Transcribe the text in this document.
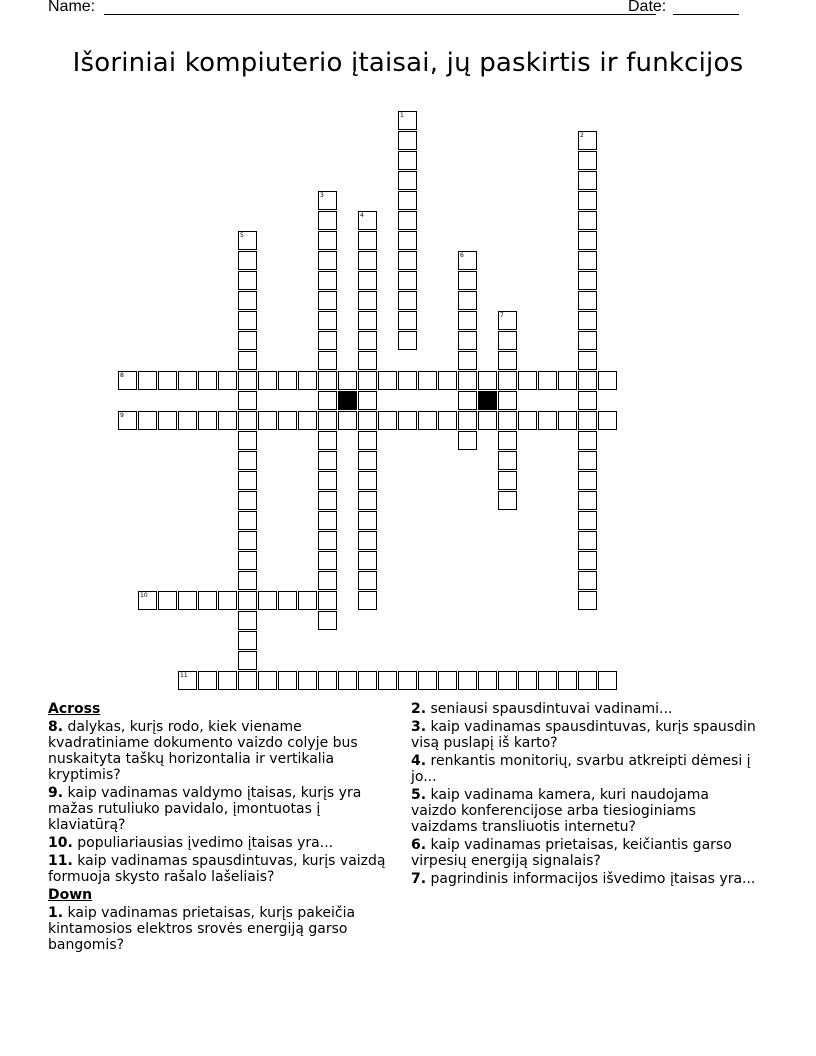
Name:	Date:
Išoriniai kompiuterio įtaisai, jų paskirtis ir funkcijos
1
2
3
4
5
6
7
8
9
10
11
Across
8. dalykas, kurįs rodo, kiek viename kvadratiniame dokumento vaizdo colyje bus nuskaityta taškų horizontalia ir vertikalia kryptimis?
9. kaip vadinamas valdymo įtaisas, kurįs yra mažas rutuliuko pavidalo, įmontuotas į klaviatūrą?
10. populiariausias įvedimo įtaisas yra...
11. kaip vadinamas spausdintuvas, kurįs vaizdą formuoja skysto rašalo lašeliais?
Down
1. kaip vadinamas prietaisas, kurįs pakeičia kintamosios elektros srovės energiją garso bangomis?
2. seniausi spausdintuvai vadinami...
3. kaip vadinamas spausdintuvas, kurįs spausdin visą puslapį iš karto?
4. renkantis monitorių, svarbu atkreipti dėmesi į jo...
5. kaip vadinama kamera, kuri naudojama vaizdo konferencijose arba tiesioginiams vaizdams transliuotis internetu?
6. kaip vadinamas prietaisas, keičiantis garso virpesių energiją signalais?
7. pagrindinis informacijos išvedimo įtaisas yra...
